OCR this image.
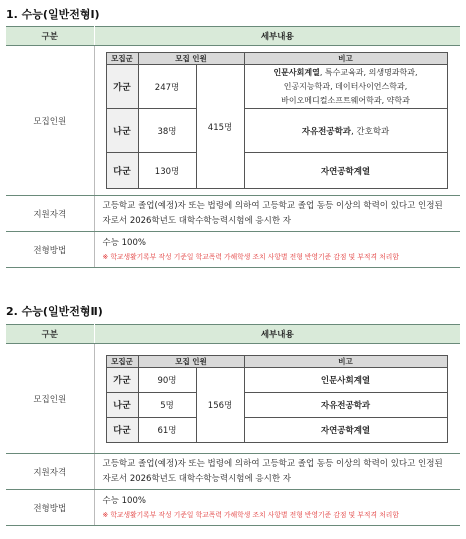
1. 수능(일반전형Ⅰ)
구분	세부내용
모집인원	
모집군	모집 인원	비고
가군	247명	415명	인문사회계열, 특수교육과, 의생명과학과,
인공지능학과, 데이터사이언스학과,
바이오메디컬소프트웨어학과, 약학과
나군	38명	자유전공학과, 간호학과
다군	130명	자연공학계열

지원자격	
고등학교 졸업(예정)자 또는 법령에 의하여 고등학교 졸업 동등 이상의 학력이 있다고 인정된
자로서 2026학년도 대학수학능력시험에 응시한 자

전형방법	
수능 100%
※ 학교생활기록부 작성 기준일 학교폭력 가해학생 조치 사항별 전형 반영기준 감점 및 부적격 처리함
2. 수능(일반전형Ⅱ)
구분	세부내용
모집인원	
모집군	모집 인원	비고
가군	90명	156명	인문사회계열
나군	5명	자유전공학과
다군	61명	자연공학계열

지원자격	
고등학교 졸업(예정)자 또는 법령에 의하여 고등학교 졸업 동등 이상의 학력이 있다고 인정된
자로서 2026학년도 대학수학능력시험에 응시한 자

전형방법	
수능 100%
※ 학교생활기록부 작성 기준일 학교폭력 가해학생 조치 사항별 전형 반영기준 감점 및 부적격 처리함
